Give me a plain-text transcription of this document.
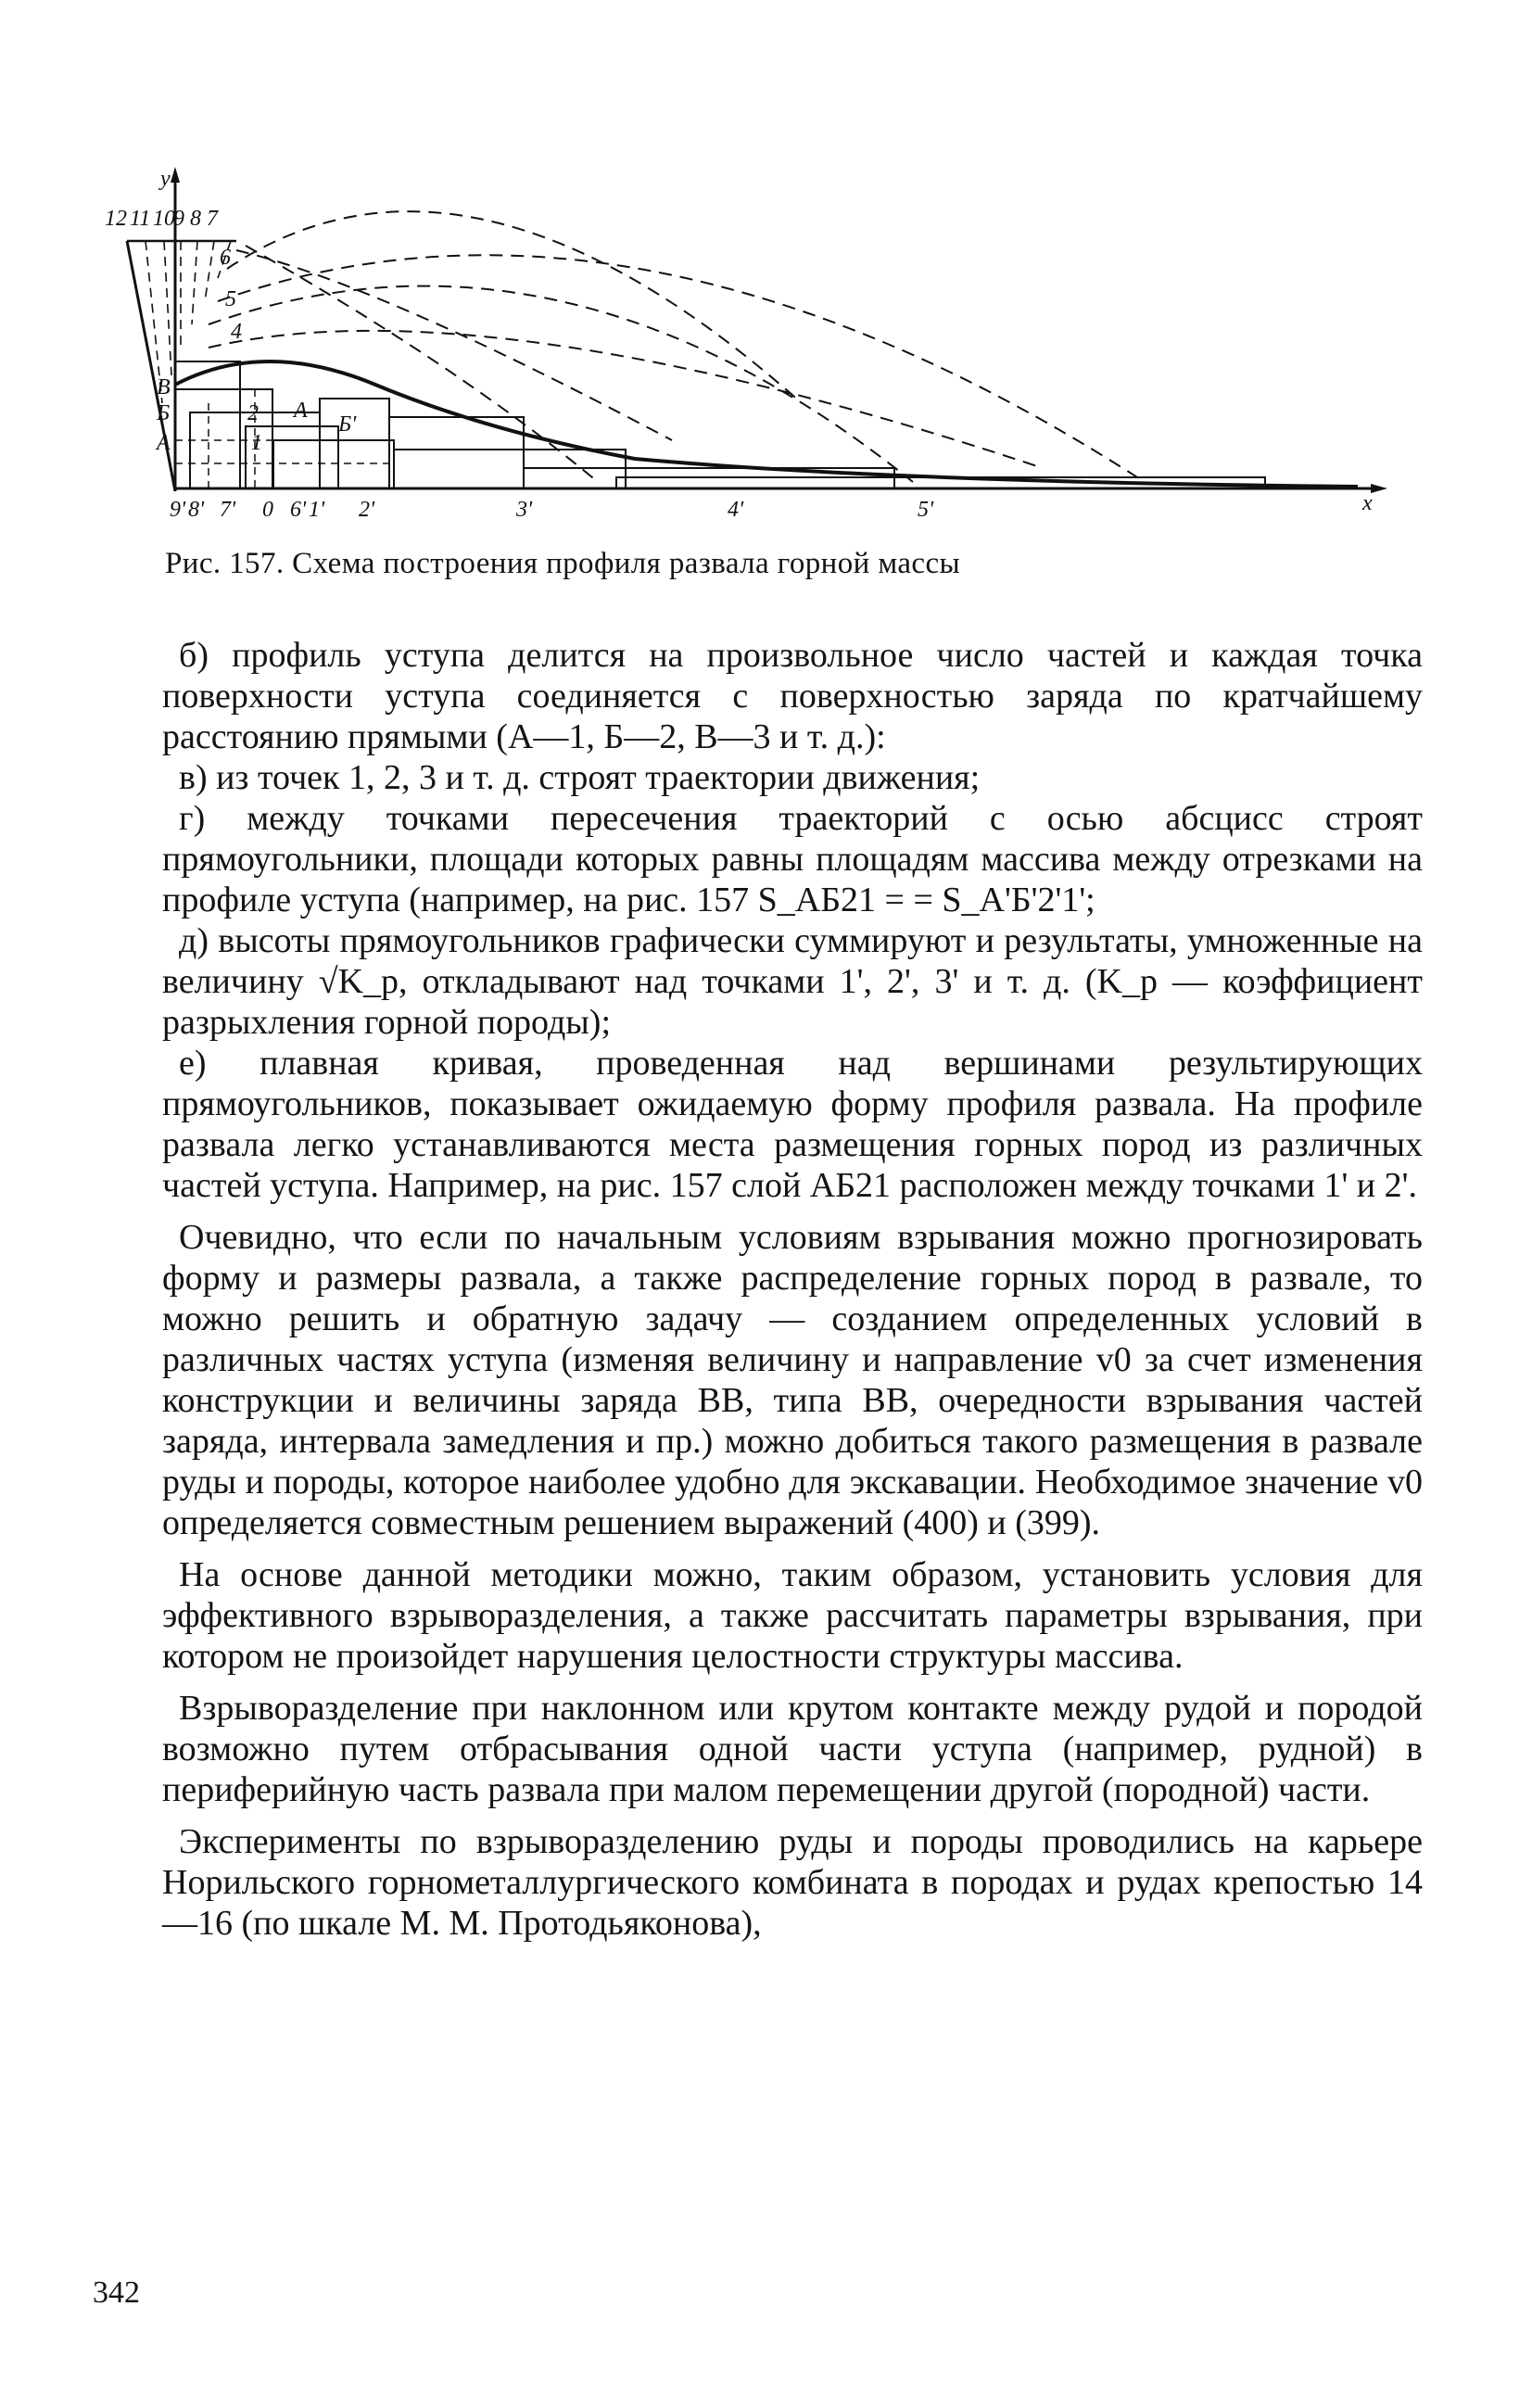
y
x
12 11 10
9 8 7
6
5
4
В
Б
А
2
1
А
Б'
9' 8' 7' 0 6' 1' 2'	3'	4'	5'
Рис. 157. Схема построения профиля развала горной массы

б) профиль уступа делится на произвольное число частей и каждая точка поверхности уступа соединяется с поверхностью заряда по кратчайшему расстоянию прямыми (А—1, Б—2, В—3 и т. д.):

в) из точек 1, 2, 3 и т. д. строят траектории движения;

г) между точками пересечения траекторий с осью абсцисс строят прямоугольники, площади которых равны площадям массива между отрезками на профиле уступа (например, на рис. 157 S_АБ21 = = S_А'Б'2'1';

д) высоты прямоугольников графически суммируют и результаты, умноженные на величину √K_р, откладывают над точками 1', 2', 3' и т. д. (K_р — коэффициент разрыхления горной породы);

е) плавная кривая, проведенная над вершинами результирующих прямоугольников, показывает ожидаемую форму профиля развала. На профиле развала легко устанавливаются места размещения горных пород из различных частей уступа. Например, на рис. 157 слой АБ21 расположен между точками 1' и 2'.

Очевидно, что если по начальным условиям взрывания можно прогнозировать форму и размеры развала, а также распределение горных пород в развале, то можно решить и обратную задачу — созданием определенных условий в различных частях уступа (изменяя величину и направление v0 за счет изменения конструкции и величины заряда ВВ, типа ВВ, очередности взрывания частей заряда, интервала замедления и пр.) можно добиться такого размещения в развале руды и породы, которое наиболее удобно для экскавации. Необходимое значение v0 определяется совместным решением выражений (400) и (399).

На основе данной методики можно, таким образом, установить условия для эффективного взрыворазделения, а также рассчитать параметры взрывания, при котором не произойдет нарушения целостности структуры массива.

Взрыворазделение при наклонном или крутом контакте между рудой и породой возможно путем отбрасывания одной части уступа (например, рудной) в периферийную часть развала при малом перемещении другой (породной) части.

Эксперименты по взрыворазделению руды и породы проводились на карьере Норильского горнометаллургического комбината в породах и рудах крепостью 14—16 (по шкале М. М. Протодьяконова),

342
